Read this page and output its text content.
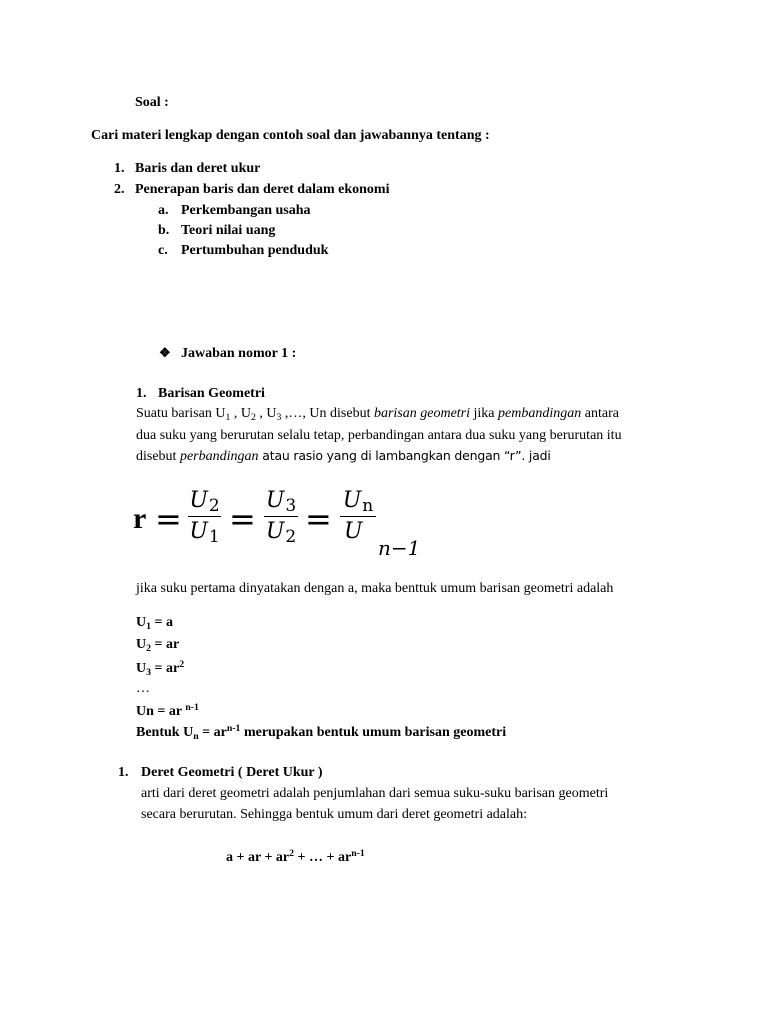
Soal :
Cari materi lengkap dengan contoh soal dan jawabannya tentang :
1. Baris dan deret ukur
2. Penerapan baris dan deret dalam ekonomi
a. Perkembangan usaha
b. Teori nilai uang
c. Pertumbuhan penduduk
❖ Jawaban nomor 1 :
1. Barisan Geometri
Suatu barisan $U_1$ , $U_2$ , $U_3$ ,…, Un disebut barisan geometri jika pembandingan antara
dua suku yang berurutan selalu tetap, perbandingan antara dua suku yang berurutan itu
disebut perbandingan atau rasio yang di lambangkan dengan “r”. jadi
r = U2
U1 = U3
U2 = Un
U
n−1
jika suku pertama dinyatakan dengan a, maka benttuk umum barisan geometri adalah
$U_1 = a$
$U_2$ = ar
$U_3 = ar^2$
…
Un = ar $^{n-1}$
Bentuk $U_n = ar^{n-1}$ merupakan bentuk umum barisan geometri
1. Deret Geometri ( Deret Ukur )
arti dari deret geometri adalah penjumlahan dari semua suku-suku barisan geometri
secara berurutan. Sehingga bentuk umum dari deret geometri adalah:
a + ar + $ar^2$ + … + $ar^{n-1}$
